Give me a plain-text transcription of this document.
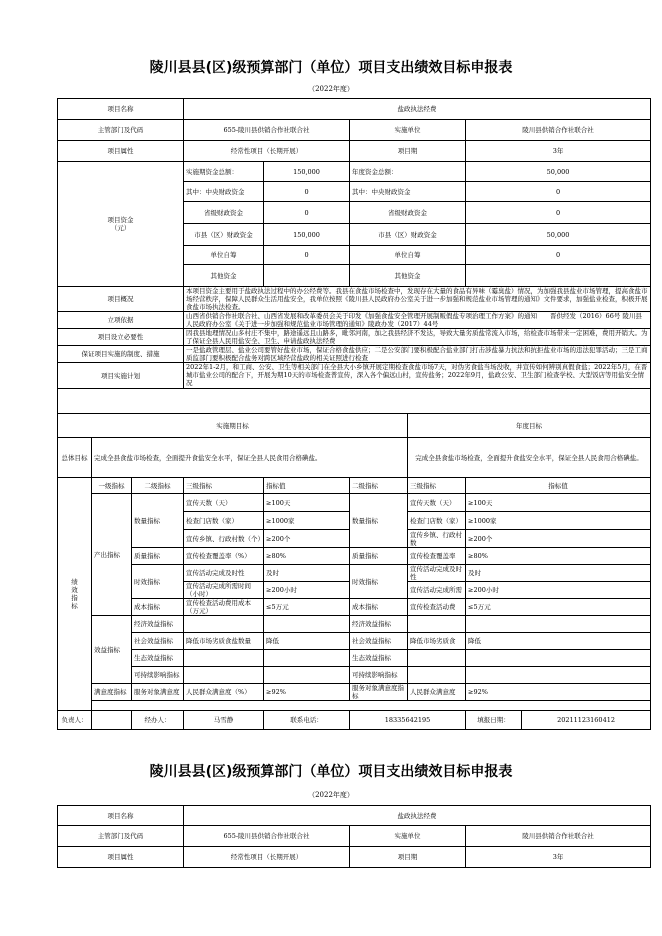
陵川县县(区)级预算部门（单位）项目支出绩效目标申报表
（2022年度）
项目名称			盐政执法经费					
主管部门及代码			655-陵川县供销合作社联合社		实施单位		陵川县供销合作社联合社	
项目属性			经常性项目（长期开展）		项目期		3年	
项目资金
（元）			实施期资金总额：	150,000	年度资金总额：		50,000	
			其中：中央财政资金	0	其中：中央财政资金		0	
			省级财政资金	0	省级财政资金		0	
			市县（区）财政资金	150,000	市县（区）财政资金		50,000	
			单位自筹	0	单位自筹		0	
			其他资金		其他资金			
项目概况			本项目资金主要用于盐政执法过程中的办公经费等。我县在食盐市场检查中，发现存在大量的食品有异味（霉臭盐）情况，为加强我县盐业市场管理，提高食盐市场经营秩序，保障人民群众生活用盐安全，我单位按照《陵川县人民政府办公室关于进一步加强和规范盐业市场管理的通知》文件要求，加强盐业检查，积极开展食盐市场执法检查。					

立项依据			山西省供销合作社联合社、山西省发展和改革委员会关于印发《加强食盐安全管理开展制贩假盐专项治理工作方案》的通知　　晋供经发（2016）66号 陵川县人民政府办公室《关于进一步加强和规范盐业市场管理的通知》陵政办发（2017）44号					

项目设立必要性			因我县地理情况山多村庄不集中，路途遥远且山路多，毗邻河南，加之我县经济不发达，导致大量劣质盐常流入市场，给检查市场带来一定困难，费用开销大。为了保证全县人民用盐安全、卫生、申请盐政执法经费					

保证项目实施的制度、措施			一是盐政管理层、盐业公司要管好盐业市场，保证合格食盐供应；二是公安部门要积极配合盐业部门打击涉盐暴力抗法和抗拒盐业市场的违法犯罪活动；三是工商质监部门要积极配合盐务对跨区域经营盐政的相关证照进行检查					

项目实施计划			2022年1-2月，和工商、公安、卫生等相关部门在全县大小乡镇开展定期检查食盐市场7天，对伪劣食盐当场没收，并宣传如何辨别真假食盐；2022年5月，在晋城市盐业公司的配合下，开展为期10天的市场检查普宣传，深入各个偏远山村，宣传盐务；2022年9月，盐政公安、卫生部门检查学校、大型饭店等用盐安全情况					

实施期目标						年度目标		
总体目标	完成全县食盐市场检查，全面提升食盐安全水平，保证全县人民食用合格碘盐。					完成全县食盐市场检查，全面提升食盐安全水平，保证全县人民食用合格碘盐。		
绩
效
指
标	一级指标	二级指标	三级指标	指标值	二级指标	三级指标	指标值	
	产出指标	数量指标	宣传天数（天）	≥100天	数量指标	宣传天数（天）	≥100天	
			检查门店数（家）	≥1000家		检查门店数（家）	≥1000家	
			宣传乡镇、行政村数（个）	≥200个		宣传乡镇、行政村数	≥200个	
		质量指标	宣传检查覆盖率（%）	≥80%	质量指标	宣传检查覆盖率	≥80%	
		时效指标	宣传活动完成及时性	及时	时效指标	宣传活动完成及时性	及时	
			宣传活动完成所需时间（小时）	≥200小时		宣传活动完成所需	≥200小时	
		成本指标	宣传检查活动费用成本（万元）	≤5万元	成本指标	宣传检查活动费	≤5万元	
	效益指标	经济效益指标			经济效益指标			
		社会效益指标	降低市场劣质食盐数量	降低	社会效益指标	降低市场劣质食	降低	
		生态效益指标			生态效益指标			
		可持续影响指标			可持续影响指标			
	满意度指标	服务对象满意度	人民群众满意度（%）	≥92%	服务对象满意度指标	人民群众满意度	≥92%	

负责人：		经办人：	马雪静	联系电话：	18335642195		填报日期：	20211123160412
陵川县县(区)级预算部门（单位）项目支出绩效目标申报表
（2022年度）
项目名称	盐政执法经费		
主管部门及代码	655-陵川县供销合作社联合社	实施单位	陵川县供销合作社联合社
项目属性	经常性项目（长期开展）	项目期	3年
